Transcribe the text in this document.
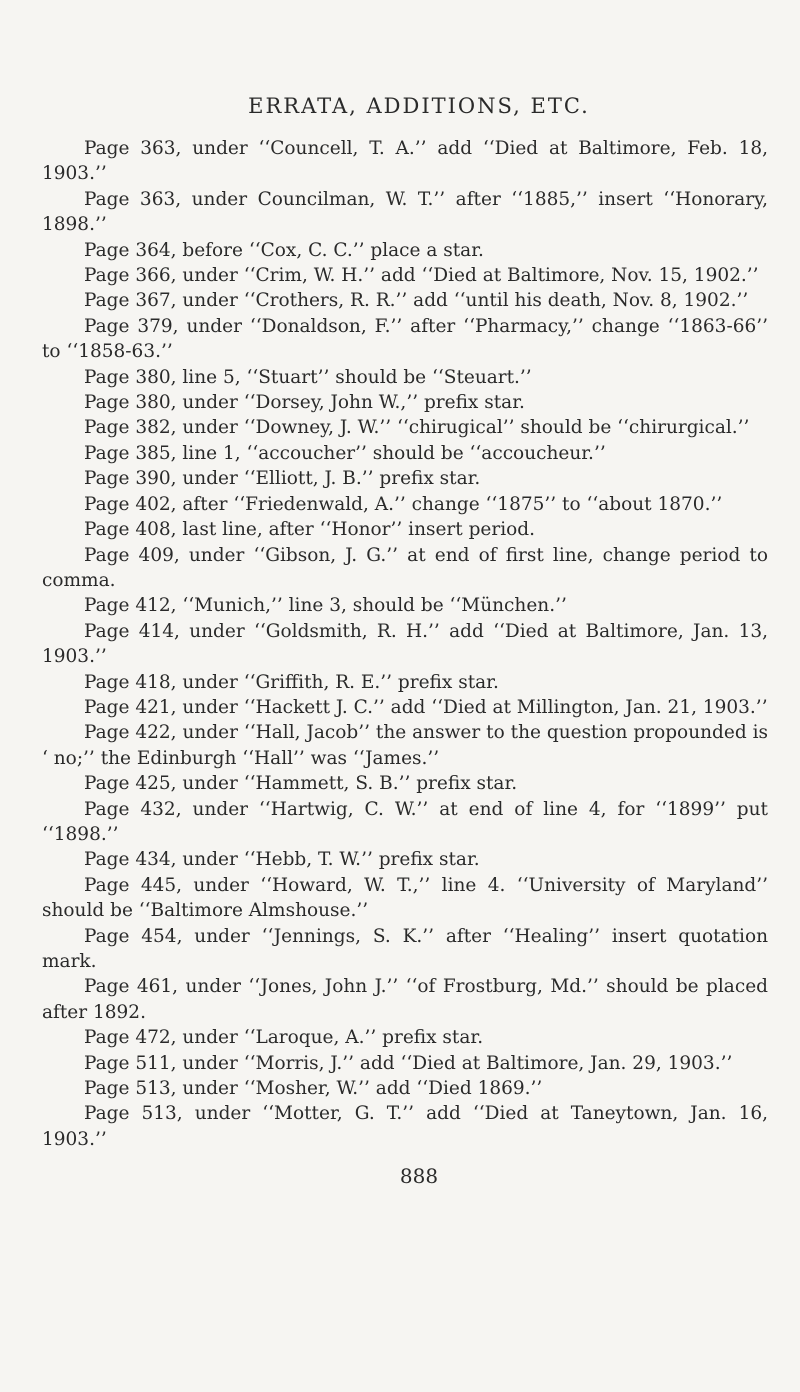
ERRATA, ADDITIONS, ETC.

Page 363, under ‘‘Councell, T. A.’’ add ‘‘Died at Baltimore, Feb. 18, 1903.’’

Page 363, under Councilman, W. T.’’ after ‘‘1885,’’ insert ‘‘Honorary, 1898.’’

Page 364, before ‘‘Cox, C. C.’’ place a star.

Page 366, under ‘‘Crim, W. H.’’ add ‘‘Died at Baltimore, Nov. 15, 1902.’’

Page 367, under ‘‘Crothers, R. R.’’ add ‘‘until his death, Nov. 8, 1902.’’

Page 379, under ‘‘Donaldson, F.’’ after ‘‘Pharmacy,’’ change ‘‘1863-66’’ to ‘‘1858-63.’’

Page 380, line 5, ‘‘Stuart’’ should be ‘‘Steuart.’’

Page 380, under ‘‘Dorsey, John W.,’’ prefix star.

Page 382, under ‘‘Downey, J. W.’’ ‘‘chirugical’’ should be ‘‘chirurgical.’’

Page 385, line 1, ‘‘accoucher’’ should be ‘‘accoucheur.’’

Page 390, under ‘‘Elliott, J. B.’’ prefix star.

Page 402, after ‘‘Friedenwald, A.’’ change ‘‘1875’’ to ‘‘about 1870.’’

Page 408, last line, after ‘‘Honor’’ insert period.

Page 409, under ‘‘Gibson, J. G.’’ at end of first line, change period to comma.

Page 412, ‘‘Munich,’’ line 3, should be ‘‘München.’’

Page 414, under ‘‘Goldsmith, R. H.’’ add ‘‘Died at Baltimore, Jan. 13, 1903.’’

Page 418, under ‘‘Griffith, R. E.’’ prefix star.

Page 421, under ‘‘Hackett J. C.’’ add ‘‘Died at Millington, Jan. 21, 1903.’’

Page 422, under ‘‘Hall, Jacob’’ the answer to the question propounded is ‘ no;’’ the Edinburgh ‘‘Hall’’ was ‘‘James.’’

Page 425, under ‘‘Hammett, S. B.’’ prefix star.

Page 432, under ‘‘Hartwig, C. W.’’ at end of line 4, for ‘‘1899’’ put ‘‘1898.’’

Page 434, under ‘‘Hebb, T. W.’’ prefix star.

Page 445, under ‘‘Howard, W. T.,’’ line 4. ‘‘University of Maryland’’ should be ‘‘Baltimore Almshouse.’’

Page 454, under ‘‘Jennings, S. K.’’ after ‘‘Healing’’ insert quotation mark.

Page 461, under ‘‘Jones, John J.’’ ‘‘of Frostburg, Md.’’ should be placed after 1892.

Page 472, under ‘‘Laroque, A.’’ prefix star.

Page 511, under ‘‘Morris, J.’’ add ‘‘Died at Baltimore, Jan. 29, 1903.’’

Page 513, under ‘‘Mosher, W.’’ add ‘‘Died 1869.’’

Page 513, under ‘‘Motter, G. T.’’ add ‘‘Died at Taneytown, Jan. 16, 1903.’’

888
